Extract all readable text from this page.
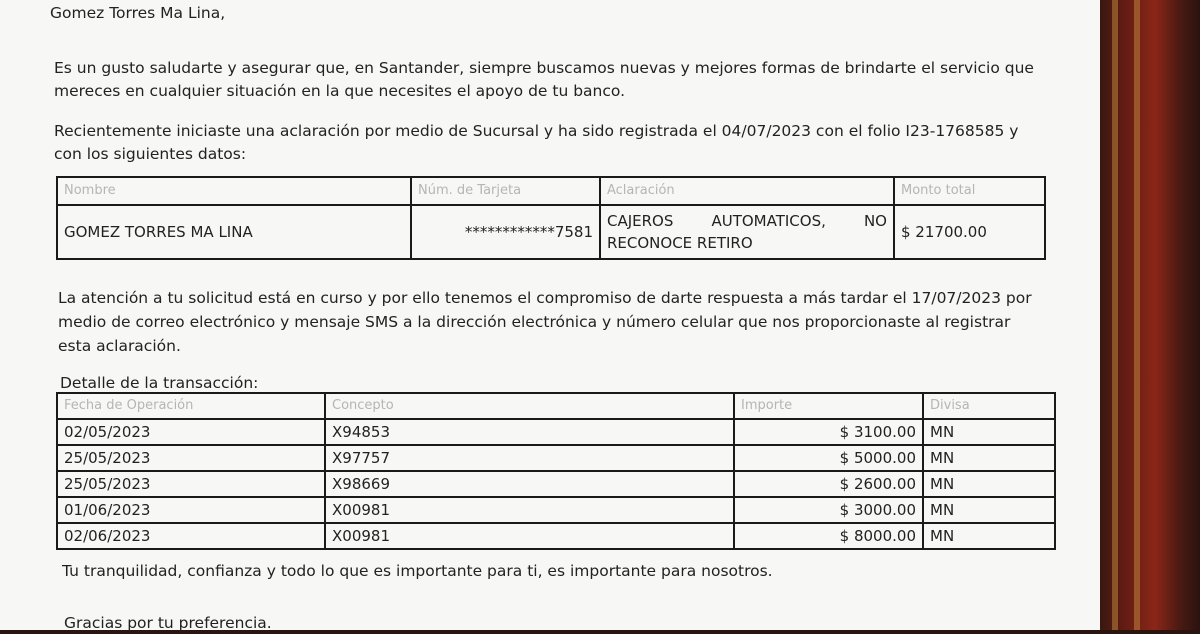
Gomez Torres Ma Lina,
Es un gusto saludarte y asegurar que, en Santander, siempre buscamos nuevas y mejores formas de brindarte el servicio que
mereces en cualquier situación en la que necesites el apoyo de tu banco.
Recientemente iniciaste una aclaración por medio de Sucursal y ha sido registrada el 04/07/2023 con el folio I23-1768585 y
con los siguientes datos:
Nombre	Núm. de Tarjeta	Aclaración	Monto total
GOMEZ TORRES MA LINA	************7581	CAJEROS AUTOMATICOS, NO
RECONOCE RETIRO	$ 21700.00
La atención a tu solicitud está en curso y por ello tenemos el compromiso de darte respuesta a más tardar el 17/07/2023 por
medio de correo electrónico y mensaje SMS a la dirección electrónica y número celular que nos proporcionaste al registrar
esta aclaración.
Detalle de la transacción:
Fecha de Operación	Concepto	Importe	Divisa
02/05/2023	X94853	$ 3100.00	MN
25/05/2023	X97757	$ 5000.00	MN
25/05/2023	X98669	$ 2600.00	MN
01/06/2023	X00981	$ 3000.00	MN
02/06/2023	X00981	$ 8000.00	MN
Tu tranquilidad, confianza y todo lo que es importante para ti, es importante para nosotros.
Gracias por tu preferencia.
